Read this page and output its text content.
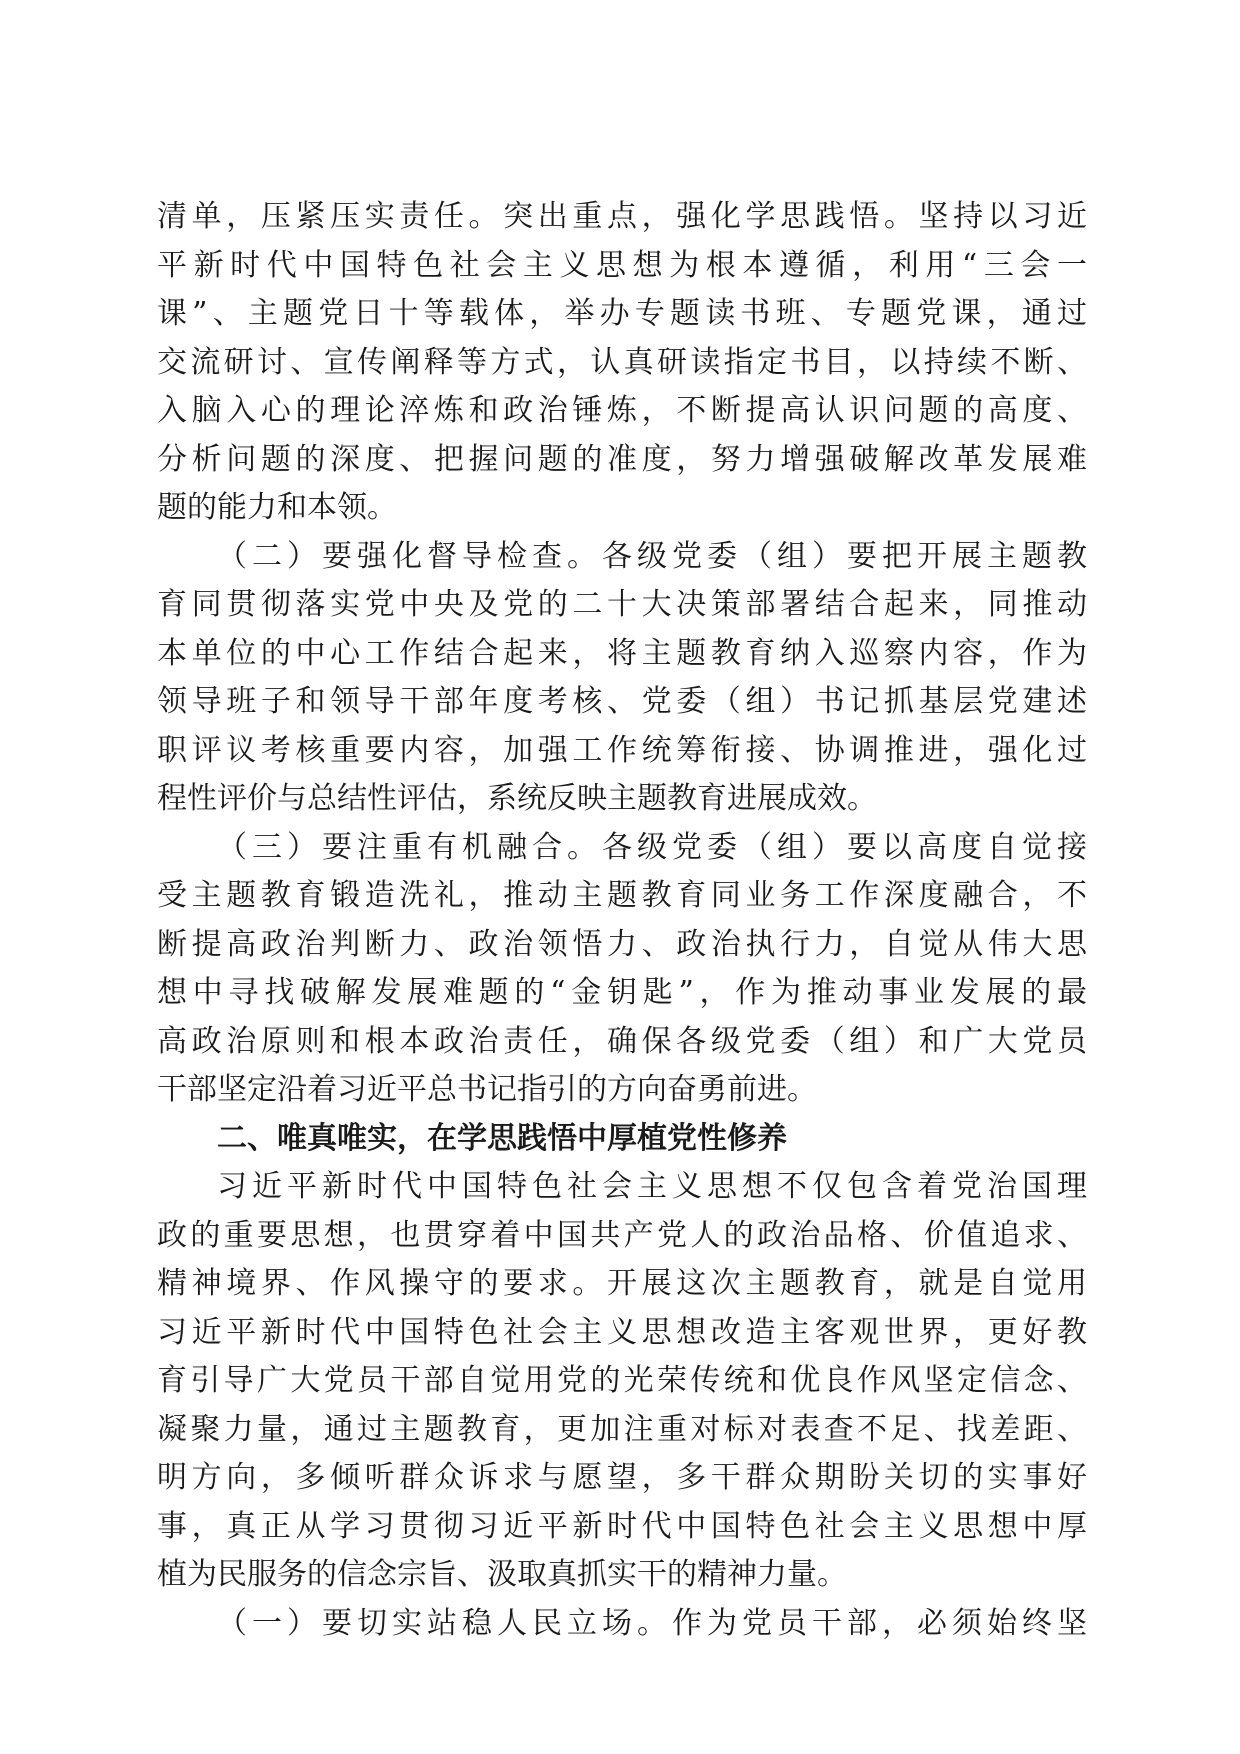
清单，压紧压实责任。突出重点，强化学思践悟。坚持以习近
平新时代中国特色社会主义思想为根本遵循，利用“三会一
课”、主题党日十等载体，举办专题读书班、专题党课，通过
交流研讨、宣传阐释等方式，认真研读指定书目，以持续不断、
入脑入心的理论淬炼和政治锤炼，不断提高认识问题的高度、
分析问题的深度、把握问题的准度，努力增强破解改革发展难
题的能力和本领。
（二）要强化督导检查。各级党委（组）要把开展主题教
育同贯彻落实党中央及党的二十大决策部署结合起来，同推动
本单位的中心工作结合起来，将主题教育纳入巡察内容，作为
领导班子和领导干部年度考核、党委（组）书记抓基层党建述
职评议考核重要内容，加强工作统筹衔接、协调推进，强化过
程性评价与总结性评估，系统反映主题教育进展成效。
（三）要注重有机融合。各级党委（组）要以高度自觉接
受主题教育锻造洗礼，推动主题教育同业务工作深度融合，不
断提高政治判断力、政治领悟力、政治执行力，自觉从伟大思
想中寻找破解发展难题的“金钥匙”，作为推动事业发展的最
高政治原则和根本政治责任，确保各级党委（组）和广大党员
干部坚定沿着习近平总书记指引的方向奋勇前进。
二、唯真唯实，在学思践悟中厚植党性修养
习近平新时代中国特色社会主义思想不仅包含着党治国理
政的重要思想，也贯穿着中国共产党人的政治品格、价值追求、
精神境界、作风操守的要求。开展这次主题教育，就是自觉用
习近平新时代中国特色社会主义思想改造主客观世界，更好教
育引导广大党员干部自觉用党的光荣传统和优良作风坚定信念、
凝聚力量，通过主题教育，更加注重对标对表查不足、找差距、
明方向，多倾听群众诉求与愿望，多干群众期盼关切的实事好
事，真正从学习贯彻习近平新时代中国特色社会主义思想中厚
植为民服务的信念宗旨、汲取真抓实干的精神力量。
（一）要切实站稳人民立场。作为党员干部，必须始终坚
